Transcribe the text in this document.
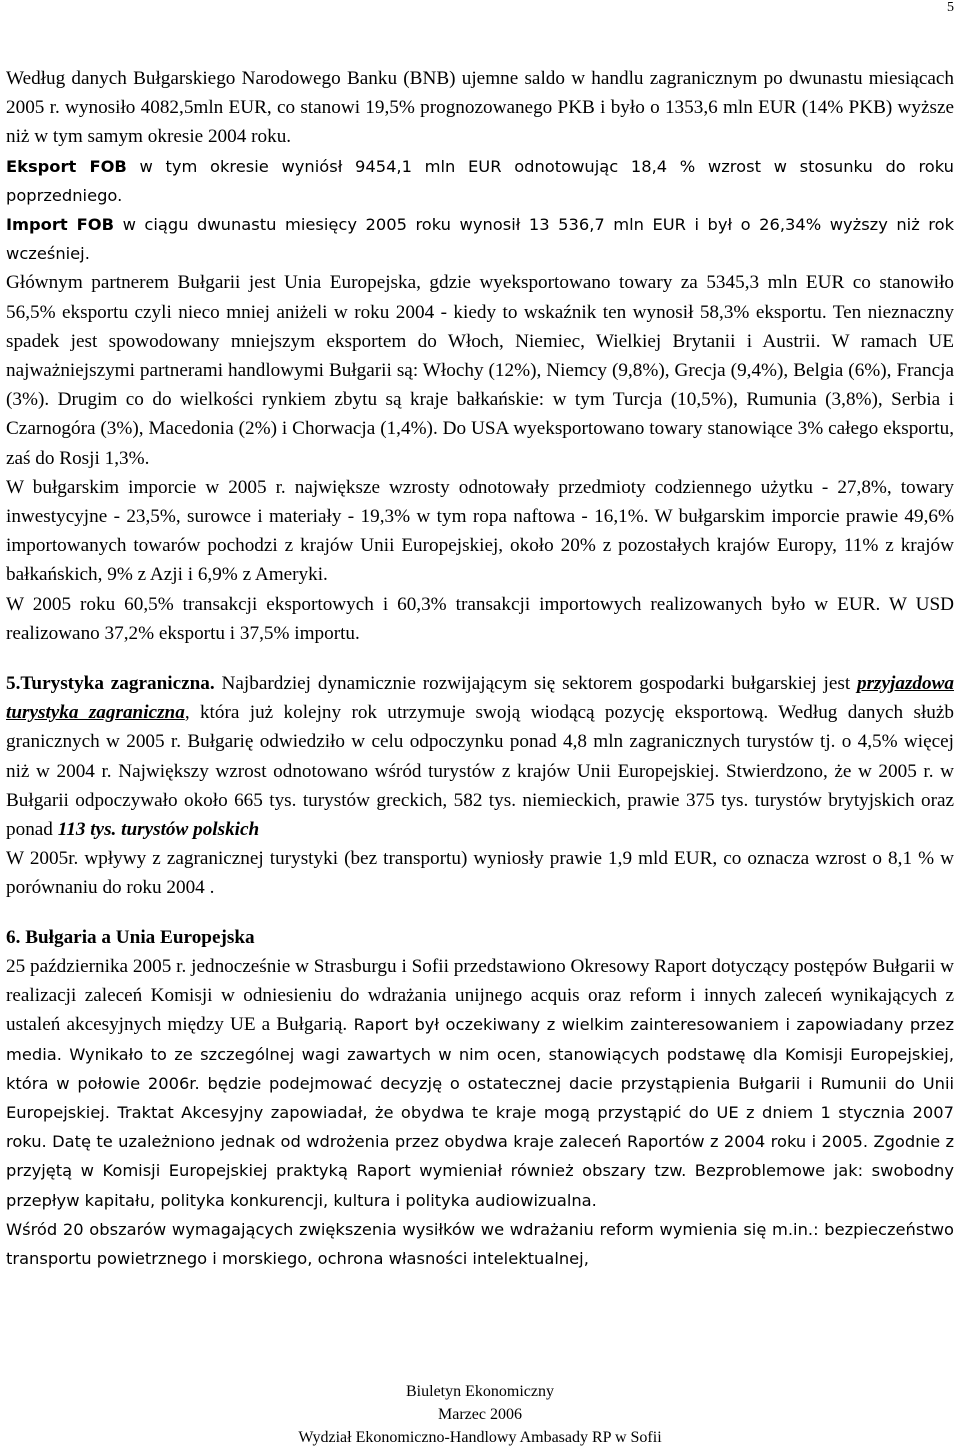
5

Według danych Bułgarskiego Narodowego Banku (BNB) ujemne saldo w handlu zagranicznym po dwunastu miesiącach 2005 r. wynosiło 4082,5mln EUR, co stanowi 19,5% prognozowanego PKB i było o 1353,6 mln EUR (14% PKB) wyższe niż w tym samym okresie 2004 roku.

Eksport FOB w tym okresie wyniósł 9454,1 mln EUR odnotowując 18,4 % wzrost w stosunku do roku poprzedniego.

Import FOB w ciągu dwunastu miesięcy 2005 roku wynosił 13 536,7 mln EUR i był o 26,34% wyższy niż rok wcześniej.

Głównym partnerem Bułgarii jest Unia Europejska, gdzie wyeksportowano towary za 5345,3 mln EUR co stanowiło 56,5% eksportu czyli nieco mniej aniżeli w roku 2004 - kiedy to wskaźnik ten wynosił 58,3% eksportu. Ten nieznaczny spadek jest spowodowany mniejszym eksportem do Włoch, Niemiec, Wielkiej Brytanii i Austrii. W ramach UE najważniejszymi partnerami handlowymi Bułgarii są: Włochy (12%), Niemcy (9,8%), Grecja (9,4%), Belgia (6%), Francja (3%). Drugim co do wielkości rynkiem zbytu są kraje bałkańskie: w tym Turcja (10,5%), Rumunia (3,8%), Serbia i Czarnogóra (3%), Macedonia (2%) i Chorwacja (1,4%). Do USA wyeksportowano towary stanowiące 3% całego eksportu, zaś do Rosji 1,3%.

W bułgarskim imporcie w 2005 r. największe wzrosty odnotowały przedmioty codziennego użytku - 27,8%, towary inwestycyjne - 23,5%, surowce i materiały - 19,3% w tym ropa naftowa - 16,1%. W bułgarskim imporcie prawie 49,6% importowanych towarów pochodzi z krajów Unii Europejskiej, około 20% z pozostałych krajów Europy, 11% z krajów bałkańskich, 9% z Azji i 6,9% z Ameryki.

W 2005 roku 60,5% transakcji eksportowych i 60,3% transakcji importowych realizowanych było w EUR. W USD realizowano 37,2% eksportu i 37,5% importu.

5.Turystyka zagraniczna. Najbardziej dynamicznie rozwijającym się sektorem gospodarki bułgarskiej jest przyjazdowa turystyka zagraniczna, która już kolejny rok utrzymuje swoją wiodącą pozycję eksportową. Według danych służb granicznych w 2005 r. Bułgarię odwiedziło w celu odpoczynku ponad 4,8 mln zagranicznych turystów tj. o 4,5% więcej niż w 2004 r. Największy wzrost odnotowano wśród turystów z krajów Unii Europejskiej. Stwierdzono, że w 2005 r. w Bułgarii odpoczywało około 665 tys. turystów greckich, 582 tys. niemieckich, prawie 375 tys. turystów brytyjskich oraz ponad 113 tys. turystów polskich

W 2005r. wpływy z zagranicznej turystyki (bez transportu) wyniosły prawie 1,9 mld EUR, co oznacza wzrost o 8,1 % w porównaniu do roku 2004 .

6. Bułgaria a Unia Europejska

25 października 2005 r. jednocześnie w Strasburgu i Sofii przedstawiono Okresowy Raport dotyczący postępów Bułgarii w realizacji zaleceń Komisji w odniesieniu do wdrażania unijnego acquis oraz reform i innych zaleceń wynikających z ustaleń akcesyjnych między UE a Bułgarią. Raport był oczekiwany z wielkim zainteresowaniem i zapowiadany przez media. Wynikało to ze szczególnej wagi zawartych w nim ocen, stanowiących podstawę dla Komisji Europejskiej, która w połowie 2006r. będzie podejmować decyzję o ostatecznej dacie przystąpienia Bułgarii i Rumunii do Unii Europejskiej. Traktat Akcesyjny zapowiadał, że obydwa te kraje mogą przystąpić do UE z dniem 1 stycznia 2007 roku. Datę te uzależniono jednak od wdrożenia przez obydwa kraje zaleceń Raportów z 2004 roku i 2005. Zgodnie z przyjętą w Komisji Europejskiej praktyką Raport wymieniał również obszary tzw. Bezproblemowe jak: swobodny przepływ kapitału, polityka konkurencji, kultura i polityka audiowizualna.

Wśród 20 obszarów wymagających zwiększenia wysiłków we wdrażaniu reform wymienia się m.in.: bezpieczeństwo transportu powietrznego i morskiego, ochrona własności intelektualnej,

Biuletyn Ekonomiczny
Marzec 2006
Wydział Ekonomiczno-Handlowy Ambasady RP w Sofii
